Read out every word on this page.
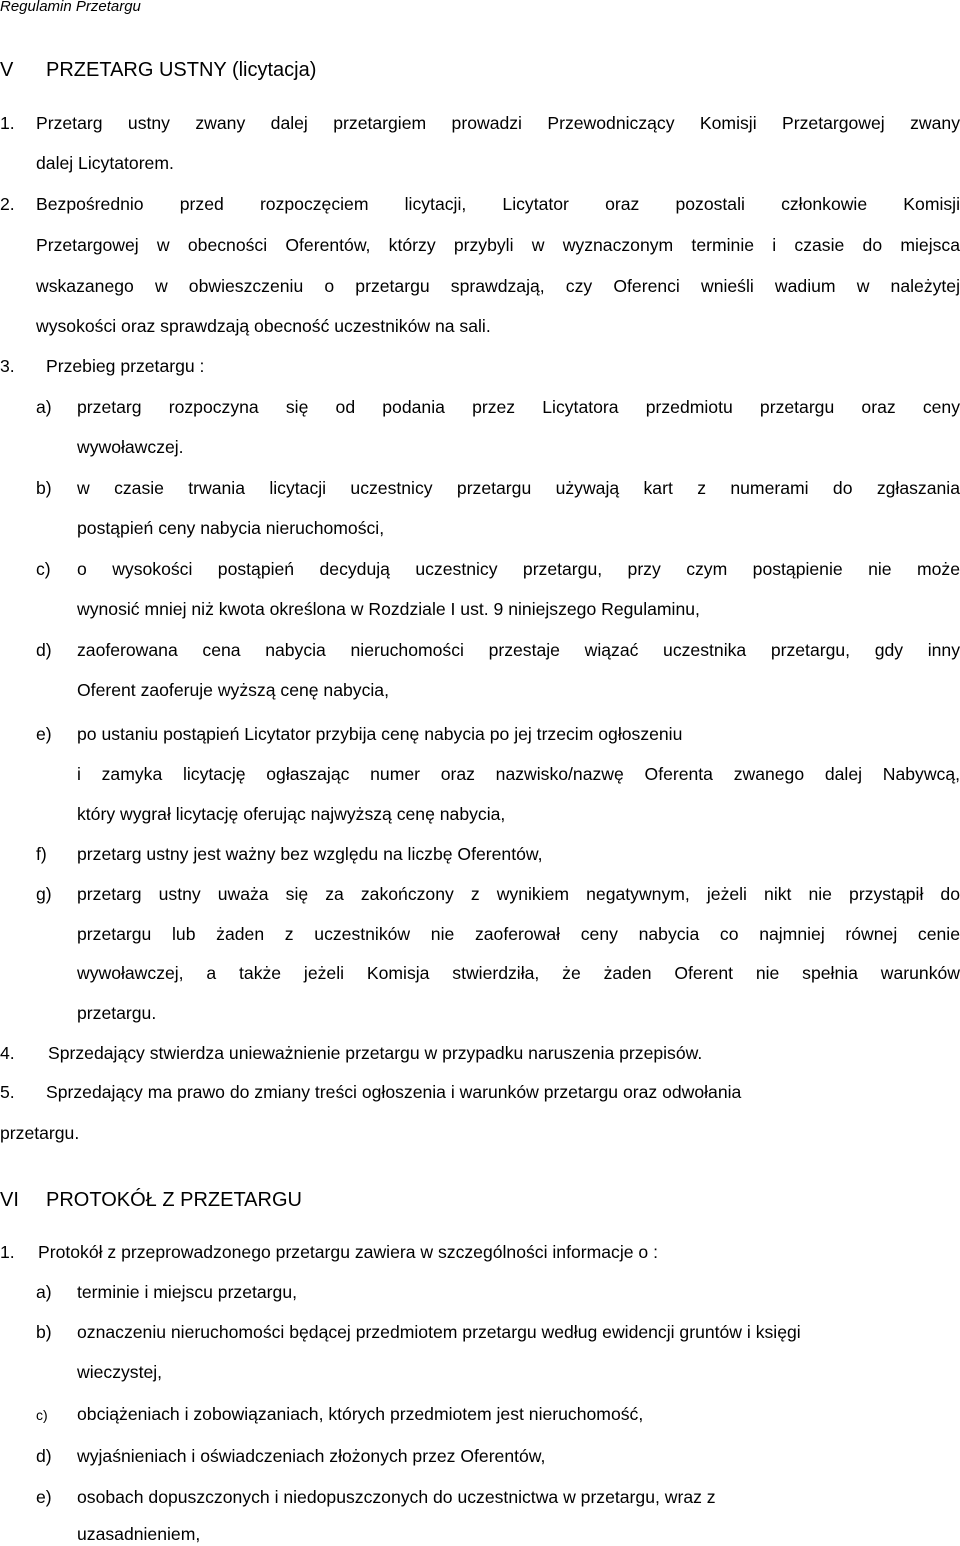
Regulamin Przetargu
V PRZETARG USTNY (licytacja)
1. Przetarg ustny zwany dalej przetargiem prowadzi Przewodniczący Komisji Przetargowej zwany
dalej Licytatorem.
2. Bezpośrednio przed rozpoczęciem licytacji, Licytator oraz pozostali członkowie Komisji
Przetargowej w obecności Oferentów, którzy przybyli w wyznaczonym terminie i czasie do miejsca
wskazanego w obwieszczeniu o przetargu sprawdzają, czy Oferenci wnieśli wadium w należytej
wysokości oraz sprawdzają obecność uczestników na sali.
3. Przebieg przetargu :
a) przetarg rozpoczyna się od podania przez Licytatora przedmiotu przetargu oraz ceny
wywoławczej.
b) w czasie trwania licytacji uczestnicy przetargu używają kart z numerami do zgłaszania
postąpień ceny nabycia nieruchomości,
c) o wysokości postąpień decydują uczestnicy przetargu, przy czym postąpienie nie może
wynosić mniej niż kwota określona w Rozdziale I ust. 9 niniejszego Regulaminu,
d) zaoferowana cena nabycia nieruchomości przestaje wiązać uczestnika przetargu, gdy inny
Oferent zaoferuje wyższą cenę nabycia,
e) po ustaniu postąpień Licytator przybija cenę nabycia po jej trzecim ogłoszeniu
i zamyka licytację ogłaszając numer oraz nazwisko/nazwę Oferenta zwanego dalej Nabywcą,
który wygrał licytację oferując najwyższą cenę nabycia,
f) przetarg ustny jest ważny bez względu na liczbę Oferentów,
g) przetarg ustny uważa się za zakończony z wynikiem negatywnym, jeżeli nikt nie przystąpił do
przetargu lub żaden z uczestników nie zaoferował ceny nabycia co najmniej równej cenie
wywoławczej, a także jeżeli Komisja stwierdziła, że żaden Oferent nie spełnia warunków
przetargu.
4. Sprzedający stwierdza unieważnienie przetargu w przypadku naruszenia przepisów.
5. Sprzedający ma prawo do zmiany treści ogłoszenia i warunków przetargu oraz odwołania
przetargu.
VI PROTOKÓŁ Z PRZETARGU
1. Protokół z przeprowadzonego przetargu zawiera w szczególności informacje o :
a) terminie i miejscu przetargu,
b) oznaczeniu nieruchomości będącej przedmiotem przetargu według ewidencji gruntów i księgi
wieczystej,
c) obciążeniach i zobowiązaniach, których przedmiotem jest nieruchomość,
d) wyjaśnieniach i oświadczeniach złożonych przez Oferentów,
e) osobach dopuszczonych i niedopuszczonych do uczestnictwa w przetargu, wraz z
uzasadnieniem,
